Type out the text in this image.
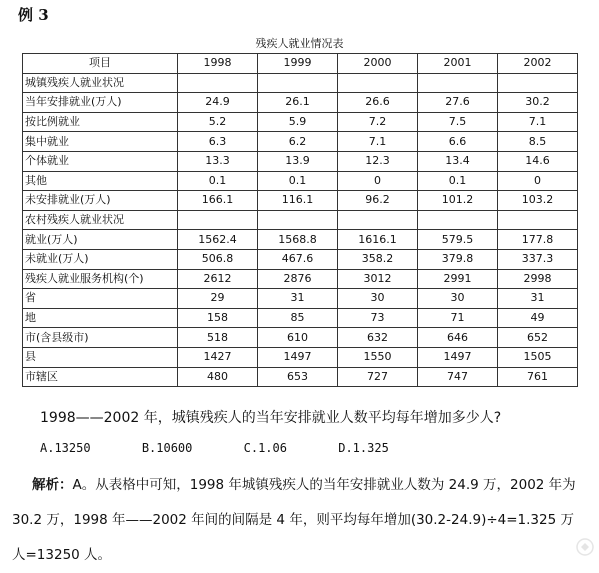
例 3
残疾人就业情况表
项目	1998	1999	2000	2001	2002
城镇残疾人就业状况					
当年安排就业(万人)	24.9	26.1	26.6	27.6	30.2
按比例就业	5.2	5.9	7.2	7.5	7.1
集中就业	6.3	6.2	7.1	6.6	8.5
个体就业	13.3	13.9	12.3	13.4	14.6
其他	0.1	0.1	0	0.1	0
未安排就业(万人)	166.1	116.1	96.2	101.2	103.2
农村残疾人就业状况					
就业(万人)	1562.4	1568.8	1616.1	579.5	177.8
未就业(万人)	506.8	467.6	358.2	379.8	337.3
残疾人就业服务机构(个)	2612	2876	3012	2991	2998
省	29	31	30	30	31
地	158	85	73	71	49
市(含县级市)	518	610	632	646	652
县	1427	1497	1550	1497	1505
市辖区	480	653	727	747	761
1998——2002 年，城镇残疾人的当年安排就业人数平均每年增加多少人?
A.13250	B.10600	C.1.06	D.1.325
解析：A。从表格中可知，1998 年城镇残疾人的当年安排就业人数为 24.9 万，2002 年为 30.2 万，1998 年——2002 年间的间隔是 4 年，则平均每年增加(30.2-24.9)÷4=1.325 万人=13250 人。
